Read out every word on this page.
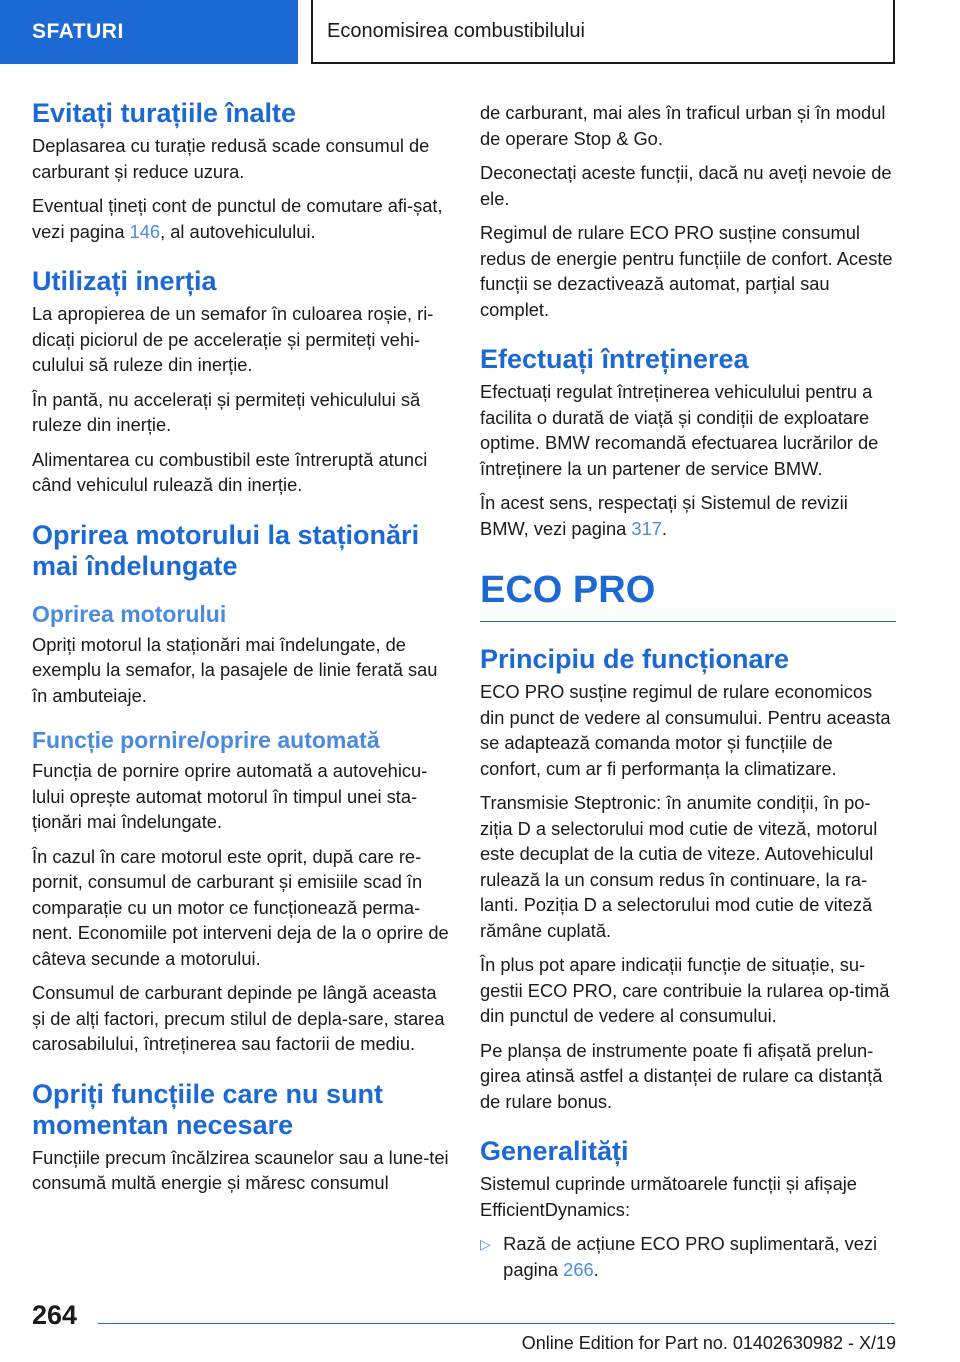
SFATURI	Economisirea combustibilului
Evitați turațiile înalte

Deplasarea cu turație redusă scade consumul de carburant și reduce uzura.

Eventual țineți cont de punctul de comutare afi-șat, vezi pagina 146, al autovehiculului.

Utilizați inerția

La apropierea de un semafor în culoarea roșie, ri-dicați piciorul de pe accelerație și permiteți vehi-culului să ruleze din inerție.

În pantă, nu accelerați și permiteți vehiculului să ruleze din inerție.

Alimentarea cu combustibil este întreruptă atunci când vehiculul rulează din inerție.

Oprirea motorului la staționări mai îndelungate
Oprirea motorului

Opriți motorul la staționări mai îndelungate, de exemplu la semafor, la pasajele de linie ferată sau în ambuteiaje.

Funcție pornire/oprire automată

Funcția de pornire oprire automată a autovehicu-lului oprește automat motorul în timpul unei sta-ționări mai îndelungate.

În cazul în care motorul este oprit, după care re-pornit, consumul de carburant și emisiile scad în comparație cu un motor ce funcționează perma-nent. Economiile pot interveni deja de la o oprire de câteva secunde a motorului.

Consumul de carburant depinde pe lângă aceasta și de alți factori, precum stilul de depla-sare, starea carosabilului, întreținerea sau factorii de mediu.

Opriți funcțiile care nu sunt momentan necesare

Funcțiile precum încălzirea scaunelor sau a lune-tei consumă multă energie și măresc consumul

de carburant, mai ales în traficul urban și în modul de operare Stop & Go.

Deconectați aceste funcții, dacă nu aveți nevoie de ele.

Regimul de rulare ECO PRO susține consumul redus de energie pentru funcțiile de confort. Aceste funcții se dezactivează automat, parțial sau complet.

Efectuați întreținerea

Efectuați regulat întreținerea vehiculului pentru a facilita o durată de viață și condiții de exploatare optime. BMW recomandă efectuarea lucrărilor de întreținere la un partener de service BMW.

În acest sens, respectați și Sistemul de revizii BMW, vezi pagina 317.

ECO PRO
Principiu de funcționare

ECO PRO susține regimul de rulare economicos din punct de vedere al consumului. Pentru aceasta se adaptează comanda motor și funcțiile de confort, cum ar fi performanța la climatizare.

Transmisie Steptronic: în anumite condiții, în po-ziția D a selectorului mod cutie de viteză, motorul este decuplat de la cutia de viteze. Autovehiculul rulează la un consum redus în continuare, la ra-lanti. Poziția D a selectorului mod cutie de viteză rămâne cuplată.

În plus pot apare indicații funcție de situație, su-gestii ECO PRO, care contribuie la rularea op-timă din punctul de vedere al consumului.

Pe planșa de instrumente poate fi afișată prelun-girea atinsă astfel a distanței de rulare ca distanță de rulare bonus.

Generalități

Sistemul cuprinde următoarele funcții și afișaje EfficientDynamics:

▷ Rază de acțiune ECO PRO suplimentară, vezi pagina 266.
264
Online Edition for Part no. 01402630982 - X/19
